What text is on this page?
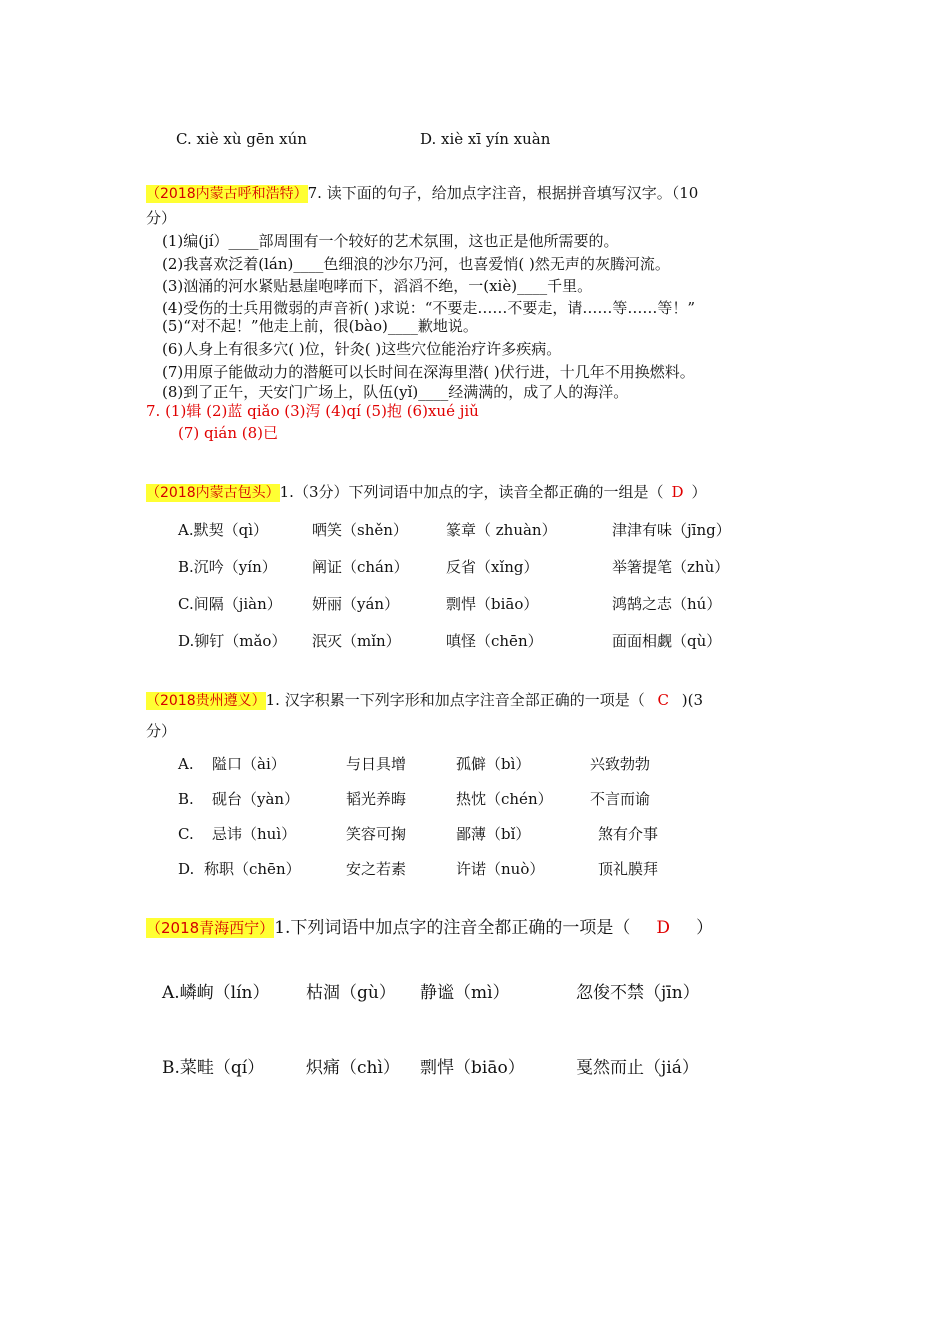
C. xiè xù gēn xún	D. xiè xī yín xuàn
（2018内蒙古呼和浩特）7. 读下面的句子，给加点字注音，根据拼音填写汉字。（10
分）
(1)编(jí）____部周围有一个较好的艺术氛围，这也正是他所需要的。
(2)我喜欢泛着(lán)____色细浪的沙尔乃河，也喜爱悄( )然无声的灰腾河流。
(3)汹涌的河水紧贴悬崖咆哮而下，滔滔不绝，一(xiè)____千里。
(4)受伤的士兵用微弱的声音祈( )求说：“不要走……不要走，请……等……等！”
(5)“对不起！”他走上前，很(bào)____歉地说。
(6)人身上有很多穴( )位，针灸( )这些穴位能治疗许多疾病。
(7)用原子能做动力的潜艇可以长时间在深海里潜( )伏行进，十几年不用换燃料。
(8)到了正午，天安门广场上，队伍(yǐ)____经满满的，成了人的海洋。
7. (1)辑 (2)蓝 qiǎo (3)泻 (4)qí (5)抱 (6)xué jiǔ
(7) qián (8)已
（2018内蒙古包头）1.（3分）下列词语中加点的字，读音全都正确的一组是（ D ）
A.默契（qì）	哂笑（shěn）	篆章（ zhuàn）	津津有味（jīng）
B.沉吟（yín） 阐证（chán） 反省（xǐng）	举箸提笔（zhù）
C.间隔（jiàn） 妍丽（yán）	剽悍（biāo）	鸿鹄之志（hú）
D.铆钉（mǎo） 泯灭（mǐn）	嗔怪（chēn）	面面相觑（qù）
（2018贵州遵义）1. 汉字积累一下列字形和加点字注音全部正确的一项是（ C )(3
分）
A. 隘口（ài）	与日具增	孤僻（bì）	兴致勃勃
B. 砚台（yàn）	韬光养晦	热忱（chén） 不言而谕
C. 忌讳（huì）	笑容可掬	鄙薄（bǐ）	煞有介事
D. 称职（chēn）	安之若素	许诺（nuò）	顶礼膜拜
（2018青海西宁）1.下列词语中加点字的注音全都正确的一项是（ D ）
A.嶙峋（lín） 枯涸（gù） 静谧（mì）	忽俊不禁（jīn）
B.菜畦（qí） 炽痛（chì） 剽悍（biāo）	戛然而止（jiá）
